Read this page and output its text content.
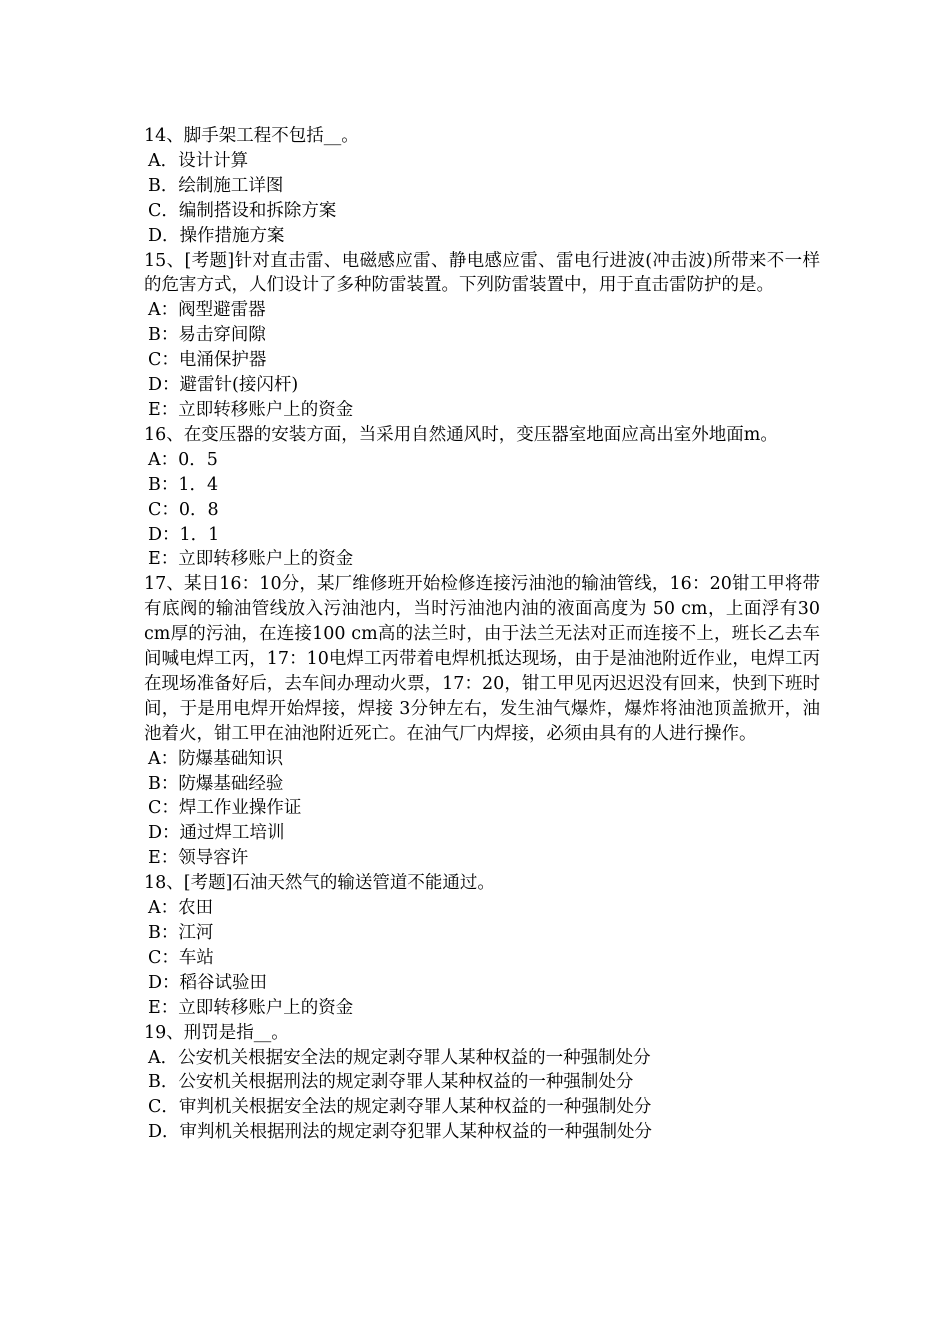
14、脚手架工程不包括__。

A．设计计算

B．绘制施工详图

C．编制搭设和拆除方案

D．操作措施方案

15、[考题]针对直击雷、电磁感应雷、静电感应雷、雷电行进波(冲击波)所带来不一样的危害方式，人们设计了多种防雷装置。下列防雷装置中，用于直击雷防护的是。

A：阀型避雷器

B：易击穿间隙

C：电涌保护器

D：避雷针(接闪杆)

E：立即转移账户上的资金

16、在变压器的安装方面，当采用自然通风时，变压器室地面应高出室外地面m。

A：0．5

B：1．4

C：0．8

D：1．1

E：立即转移账户上的资金

17、某日16：10分，某厂维修班开始检修连接污油池的输油管线，16：20钳工甲将带有底阀的输油管线放入污油池内，当时污油池内油的液面高度为 50 cm，上面浮有30 cm厚的污油，在连接100 cm高的法兰时，由于法兰无法对正而连接不上，班长乙去车间喊电焊工丙，17：10电焊工丙带着电焊机抵达现场，由于是油池附近作业，电焊工丙在现场准备好后，去车间办理动火票，17：20，钳工甲见丙迟迟没有回来，快到下班时间，于是用电焊开始焊接，焊接 3分钟左右，发生油气爆炸，爆炸将油池顶盖掀开，油池着火，钳工甲在油池附近死亡。在油气厂内焊接，必须由具有的人进行操作。

A：防爆基础知识

B：防爆基础经验

C：焊工作业操作证

D：通过焊工培训

E：领导容许

18、[考题]石油天然气的输送管道不能通过。

A：农田

B：江河

C：车站

D：稻谷试验田

E：立即转移账户上的资金

19、刑罚是指__。

A．公安机关根据安全法的规定剥夺罪人某种权益的一种强制处分

B．公安机关根据刑法的规定剥夺罪人某种权益的一种强制处分

C．审判机关根据安全法的规定剥夺罪人某种权益的一种强制处分

D．审判机关根据刑法的规定剥夺犯罪人某种权益的一种强制处分
